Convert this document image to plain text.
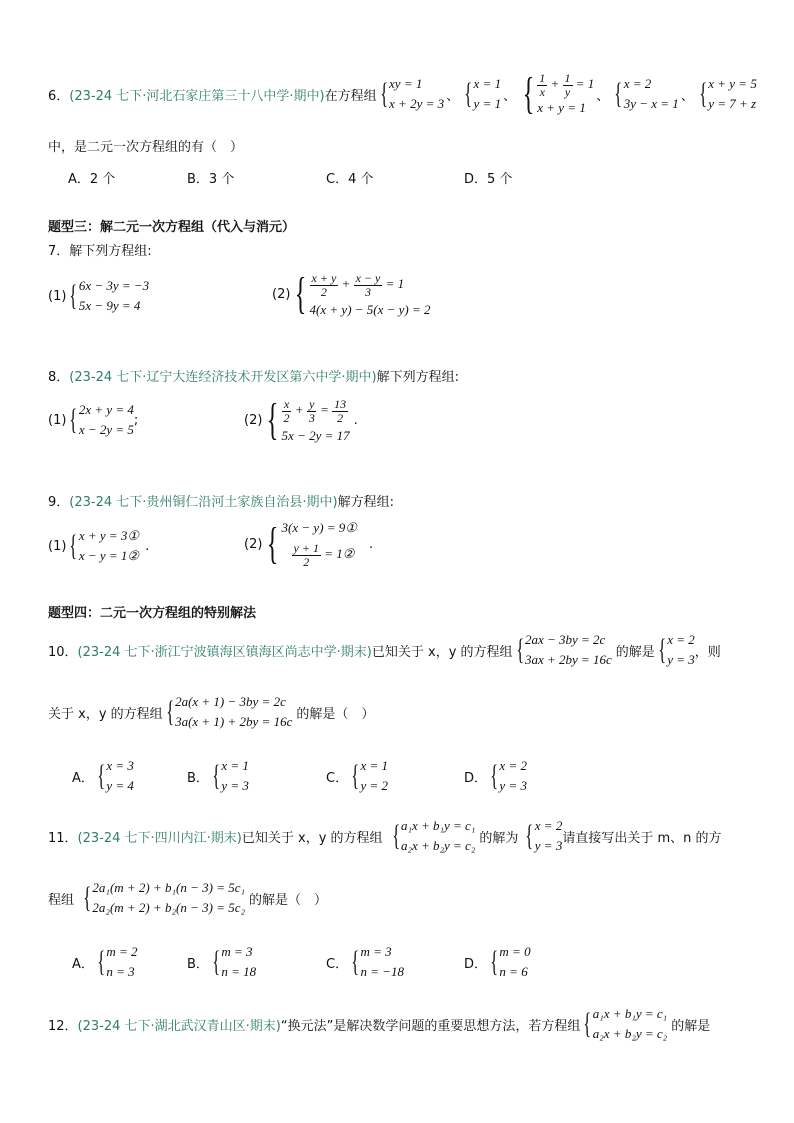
6． (23-24 七下·河北石家庄第三十八中学·期中) 在方程组 { xy = 1
x + 2y = 3 、 { x = 1
y = 1 、 { $\frac{1}{x} + \frac{1}{y} = 1$
x + y = 1
、 { x = 2
3y − x = 1 、 { x + y = 5
y = 7 + z
中，是二元一次方程组的有（　）
A．2 个	B．3 个	C．4 个	D．5 个
题型三：解二元一次方程组（代入与消元）
7．解下列方程组:
(1) { 6x − 3y = −3
5x − 9y = 4
(2) { $\frac{x + y}{2} + \frac{x - y}{3} = 1$
4(x + y) − 5(x − y) = 2
8．(23-24 七下·辽宁大连经济技术开发区第六中学·期中)解下列方程组:
(1) { 2x + y = 4
x − 2y = 5
;	(2) { $\frac{x}{2} + \frac{y}{3} = \frac{13}{2}$
5x − 2y = 17
.
9．(23-24 七下·贵州铜仁沿河土家族自治县·期中)解方程组:
(1) { x + y = 3①
x − y = 1②
.	(2) { 3(x − y) = 9①
$\frac{y + 1}{2}$ = 1②
.
题型四：二元一次方程组的特别解法
10． (23-24 七下·浙江宁波镇海区镇海区尚志中学·期末) 已知关于 x，y 的方程组 { 2ax − 3by = 2c
3ax + 2by = 16c 的解是 { x = 2
y = 3 ，则
关于 x，y 的方程组 { 2a(x + 1) − 3by = 2c
3a(x + 1) + 2by = 16c 的解是（　）
A． { x = 3
y = 4	B． { x = 1
y = 3	C． { x = 1
y = 2	D． { x = 2
y = 3
11． (23-24 七下·四川内江·期末) 已知关于 x，y 的方程组 { a₁x + b₁y = c₁
a₂x + b₂y = c₂ 的解为 { x = 2
y = 3 请直接写出关于 m、n 的方
程组 { 2a₁(m + 2) + b₁(n − 3) = 5c₁
2a₂(m + 2) + b₂(n − 3) = 5c₂ 的解是（　）
A． { m = 2
n = 3	B． { m = 3
n = 18	C． { m = 3
n = −18	D． { m = 0
n = 6
12． (23-24 七下·湖北武汉青山区·期末) “换元法”是解决数学问题的重要思想方法，若方程组 { a₁x + b₁y = c₁
a₂x + b₂y = c₂ 的解是
